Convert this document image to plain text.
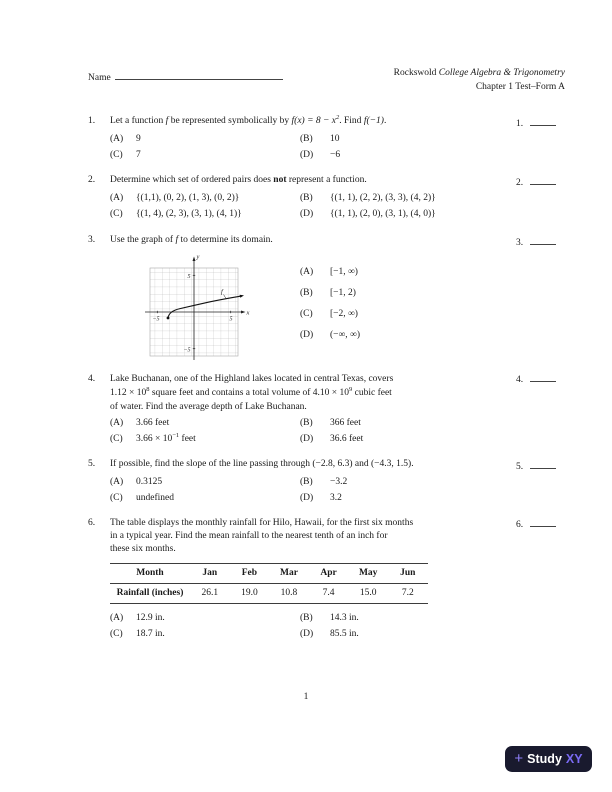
Name	Rockswold College Algebra & Trigonometry
Chapter 1 Test–Form A
1. Let a function f be represented symbolically by $f(x) = 8 - x^2$. Find f(−1).
(A)	9	(B)	10
(C)	7	(D)	−6
2. Determine which set of ordered pairs does not represent a function.
(A)	{(1,1), (0, 2), (1, 3), (0, 2)}	(B)	{(1, 1), (2, 2), (3, 3), (4, 2)}
(C)	{(1, 4), (2, 3), (3, 1), (4, 1)}	(D)	{(1, 1), (2, 0), (3, 1), (4, 0)}
3. Use the graph of f to determine its domain.
5
−5
−5	5
y
x
f
(A)	[−1, ∞)
(B)	[−1, 2)
(C)	[−2, ∞)
(D)	(−∞, ∞)
4. Lake Buchanan, one of the Highland lakes located in central Texas, covers
$1.12 \times 10^8$ square feet and contains a total volume of $4.10 \times 10^9$ cubic feet
of water. Find the average depth of Lake Buchanan.
(A)	3.66 feet	(B)	366 feet
(C)	$3.66 \times 10^{-1}$ feet	(D)	36.6 feet
5. If possible, find the slope of the line passing through (−2.8, 6.3) and (−4.3, 1.5).
(A)	0.3125	(B)	−3.2
(C)	undefined	(D)	3.2
6. The table displays the monthly rainfall for Hilo, Hawaii, for the first six months
in a typical year. Find the mean rainfall to the nearest tenth of an inch for
these six months.
Month	Jan	Feb	Mar	Apr	May	Jun
Rainfall (inches)	26.1	19.0	10.8	7.4	15.0	7.2
(A)	12.9 in.	(B)	14.3 in.
(C)	18.7 in.	(D)	85.5 in.
1.
2.
3.
4.
5.
6.
1
+ Study XY
